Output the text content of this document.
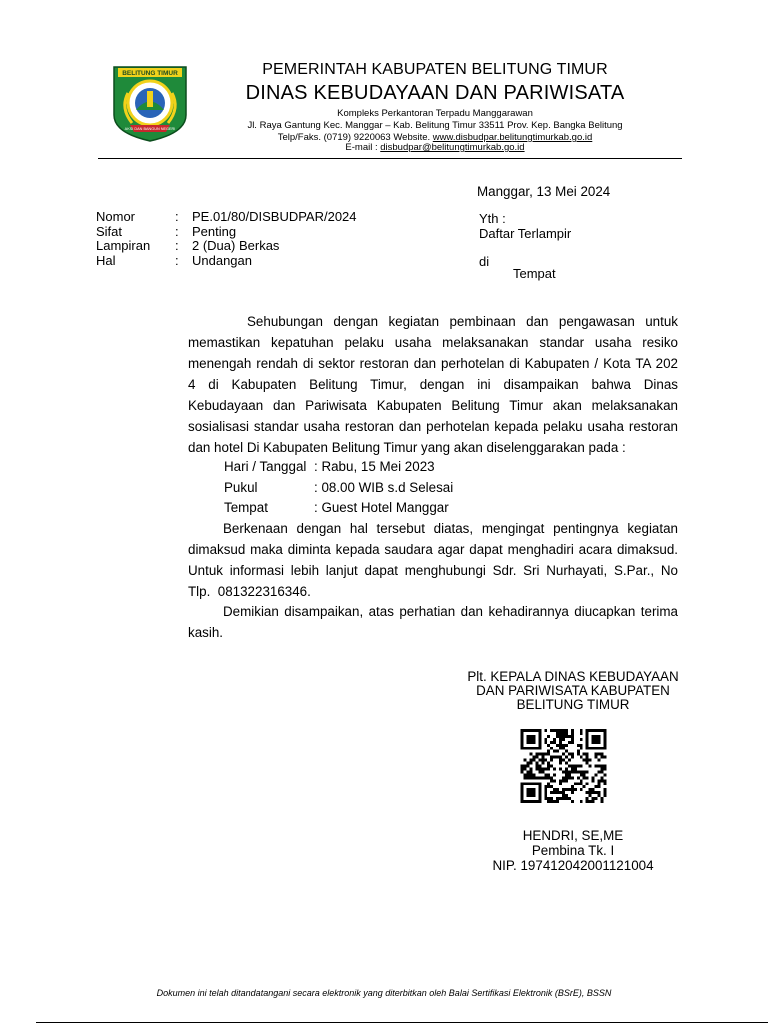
BELITUNG TIMUR
AKSI DAN BANGUN NEGERI
PEMERINTAH KABUPATEN BELITUNG TIMUR
DINAS KEBUDAYAAN DAN PARIWISATA
Kompleks Perkantoran Terpadu Manggarawan
Jl. Raya Gantung Kec. Manggar – Kab. Belitung Timur 33511 Prov. Kep. Bangka Belitung
Telp/Faks. (0719) 9220063 Website. www.disbudpar.belitungtimurkab.go.id
E-mail : disbudpar@belitungtimurkab.go.id
Manggar, 13 Mei 2024
Nomor	: PE.01/80/DISBUDPAR/2024
Sifat	: Penting
Lampiran : 2 (Dua) Berkas
Hal	: Undangan
Yth :
Daftar Terlampir
di
Tempat
Sehubungan dengan kegiatan pembinaan dan pengawasan untuk
memastikan kepatuhan pelaku usaha melaksanakan standar usaha resiko
menengah rendah di sektor restoran dan perhotelan di Kabupaten / Kota TA 202
4 di Kabupaten Belitung Timur, dengan ini disampaikan bahwa Dinas
Kebudayaan dan Pariwisata Kabupaten Belitung Timur akan melaksanakan
sosialisasi standar usaha restoran dan perhotelan kepada pelaku usaha restoran
dan hotel Di Kabupaten Belitung Timur yang akan diselenggarakan pada :
Hari / Tanggal : Rabu, 15 Mei 2023
Pukul	: 08.00 WIB s.d Selesai
Tempat	: Guest Hotel Manggar
Berkenaan dengan hal tersebut diatas, mengingat pentingnya kegiatan
dimaksud maka diminta kepada saudara agar dapat menghadiri acara dimaksud.
Untuk informasi lebih lanjut dapat menghubungi Sdr. Sri Nurhayati, S.Par., No
Tlp.  081322316346.
Demikian disampaikan, atas perhatian dan kehadirannya diucapkan terima
kasih.
Plt. KEPALA DINAS KEBUDAYAAN
DAN PARIWISATA KABUPATEN
BELITUNG TIMUR
HENDRI, SE,ME
Pembina Tk. I
NIP. 197412042001121004
Dokumen ini telah ditandatangani secara elektronik yang diterbitkan oleh Balai Sertifikasi Elektronik (BSrE), BSSN
